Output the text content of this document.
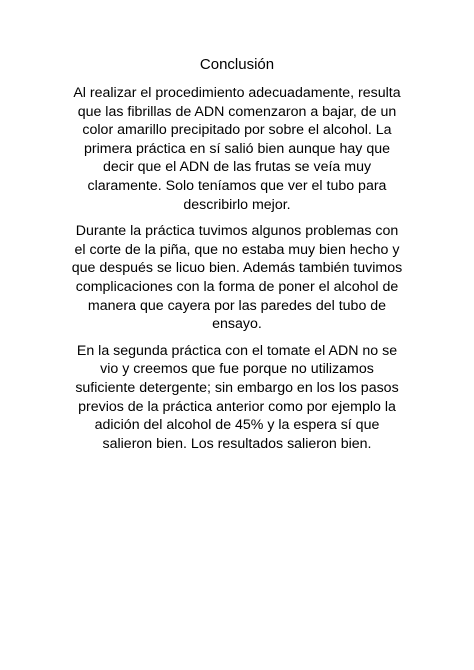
Conclusión

Al realizar el procedimiento adecuadamente, resulta
que las fibrillas de ADN comenzaron a bajar, de un
color amarillo precipitado por sobre el alcohol. La
primera práctica en sí salió bien aunque hay que
decir que el ADN de las frutas se veía muy
claramente. Solo teníamos que ver el tubo para
describirlo mejor.

Durante la práctica tuvimos algunos problemas con
el corte de la piña, que no estaba muy bien hecho y
que después se licuo bien. Además también tuvimos
complicaciones con la forma de poner el alcohol de
manera que cayera por las paredes del tubo de
ensayo.

En la segunda práctica con el tomate el ADN no se
vio y creemos que fue porque no utilizamos
suficiente detergente; sin embargo en los los pasos
previos de la práctica anterior como por ejemplo la
adición del alcohol de 45% y la espera sí que
salieron bien. Los resultados salieron bien.
